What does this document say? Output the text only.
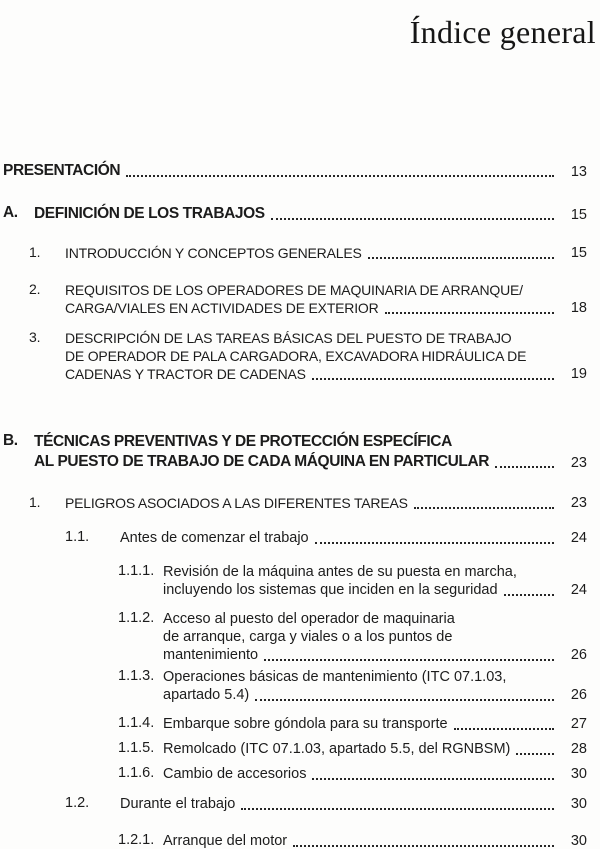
Índice general
PRESENTACIÓN	13
A.	DEFINICIÓN DE LOS TRABAJOS	15
1.	INTRODUCCIÓN Y CONCEPTOS GENERALES	15
2.	REQUISITOS DE LOS OPERADORES DE MAQUINARIA DE ARRANQUE/
CARGA/VIALES EN ACTIVIDADES DE EXTERIOR	18
3.	DESCRIPCIÓN DE LAS TAREAS BÁSICAS DEL PUESTO DE TRABAJO
DE OPERADOR DE PALA CARGADORA, EXCAVADORA HIDRÁULICA DE
CADENAS Y TRACTOR DE CADENAS	19
B.	TÉCNICAS PREVENTIVAS Y DE PROTECCIÓN ESPECÍFICA
AL PUESTO DE TRABAJO DE CADA MÁQUINA EN PARTICULAR	23
1.	PELIGROS ASOCIADOS A LAS DIFERENTES TAREAS	23
1.1.	Antes de comenzar el trabajo	24
1.1.1. Revisión de la máquina antes de su puesta en marcha,
incluyendo los sistemas que inciden en la seguridad	24
1.1.2. Acceso al puesto del operador de maquinaria
de arranque, carga y viales o a los puntos de
mantenimiento	26
1.1.3. Operaciones básicas de mantenimiento (ITC 07.1.03,
apartado 5.4)	26
1.1.4. Embarque sobre góndola para su transporte	27
1.1.5. Remolcado (ITC 07.1.03, apartado 5.5, del RGNBSM)	28
1.1.6. Cambio de accesorios	30
1.2.	Durante el trabajo	30
1.2.1. Arranque del motor	30
